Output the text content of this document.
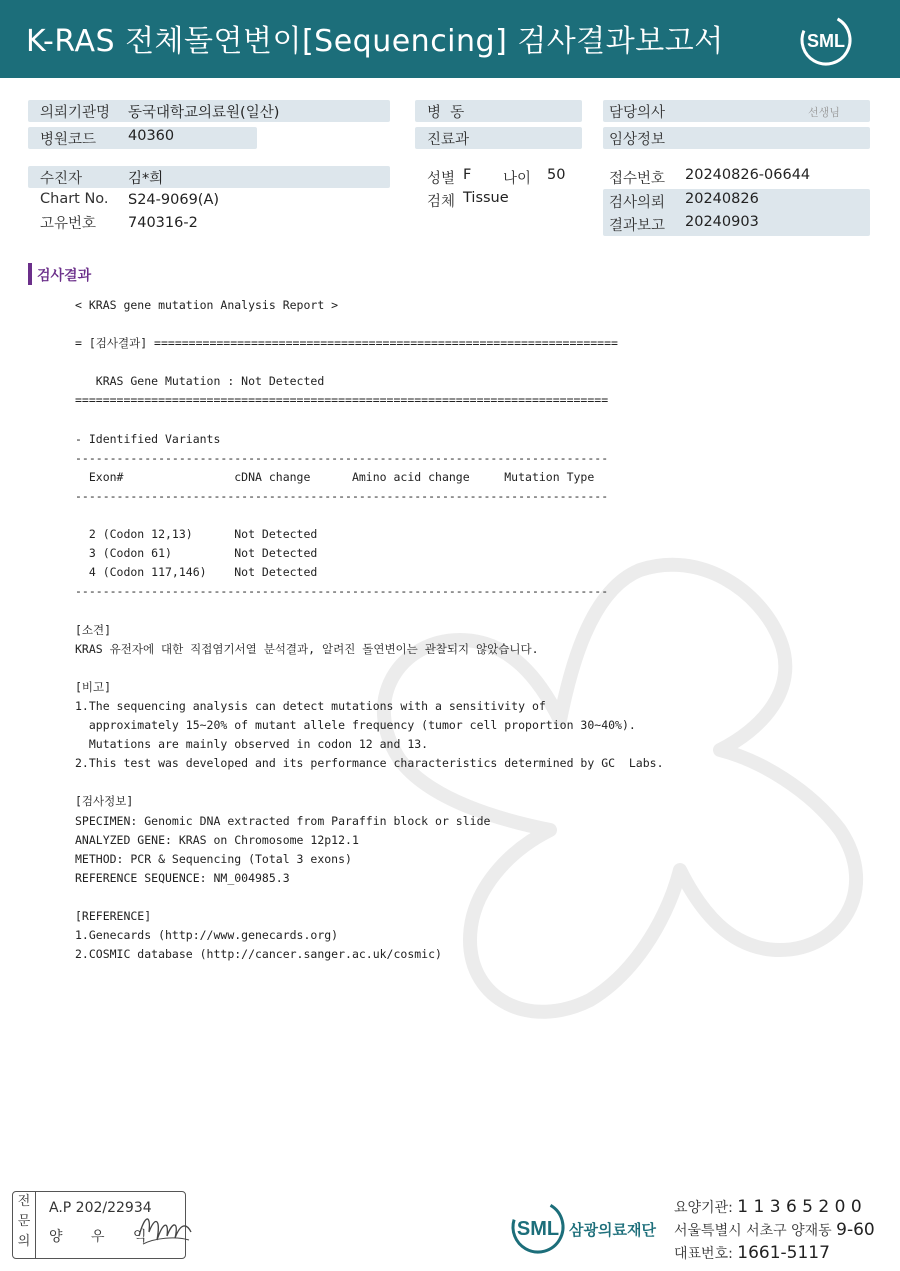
K-RAS 전체돌연변이[Sequencing] 검사결과보고서	SML
의뢰기관명 동국대학교의료원(일산)	병  동	담당의사	선생님
병원코드 40360	진료과	임상정보
수진자	김*희
Chart No. S24-9069(A)
고유번호 740316-2
성별 F 나이 50
검체 Tissue
접수번호 20240826-06644
검사의뢰 20240826
결과보고 20240903
검사결과
< KRAS gene mutation Analysis Report >

= [검사결과] ===================================================================

KRAS Gene Mutation : Not Detected
=============================================================================

- Identified Variants
-----------------------------------------------------------------------------
Exon#                cDNA change      Amino acid change     Mutation Type
-----------------------------------------------------------------------------

2 (Codon 12,13)      Not Detected
3 (Codon 61)         Not Detected
4 (Codon 117,146)    Not Detected
-----------------------------------------------------------------------------

[소견]
KRAS 유전자에 대한 직접염기서열 분석결과, 알려진 돌연변이는 관찰되지 않았습니다.

[비고]
1.The sequencing analysis can detect mutations with a sensitivity of
approximately 15~20% of mutant allele frequency (tumor cell proportion 30~40%).
Mutations are mainly observed in codon 12 and 13.
2.This test was developed and its performance characteristics determined by GC  Labs.

[검사정보]
SPECIMEN: Genomic DNA extracted from Paraffin block or slide
ANALYZED GENE: KRAS on Chromosome 12p12.1
METHOD: PCR & Sequencing (Total 3 exons)
REFERENCE SEQUENCE: NM_004985.3

[REFERENCE]
1.Genecards (http://www.genecards.org)
2.COSMIC database (http://cancer.sanger.ac.uk/cosmic)
전
문
의
A.P 202/22934
양 우 익	SML 삼광의료재단
요양기관: 1 1 3 6 5 2 0 0
서울특별시 서초구 양재동 9-60
대표번호: 1661-5117
